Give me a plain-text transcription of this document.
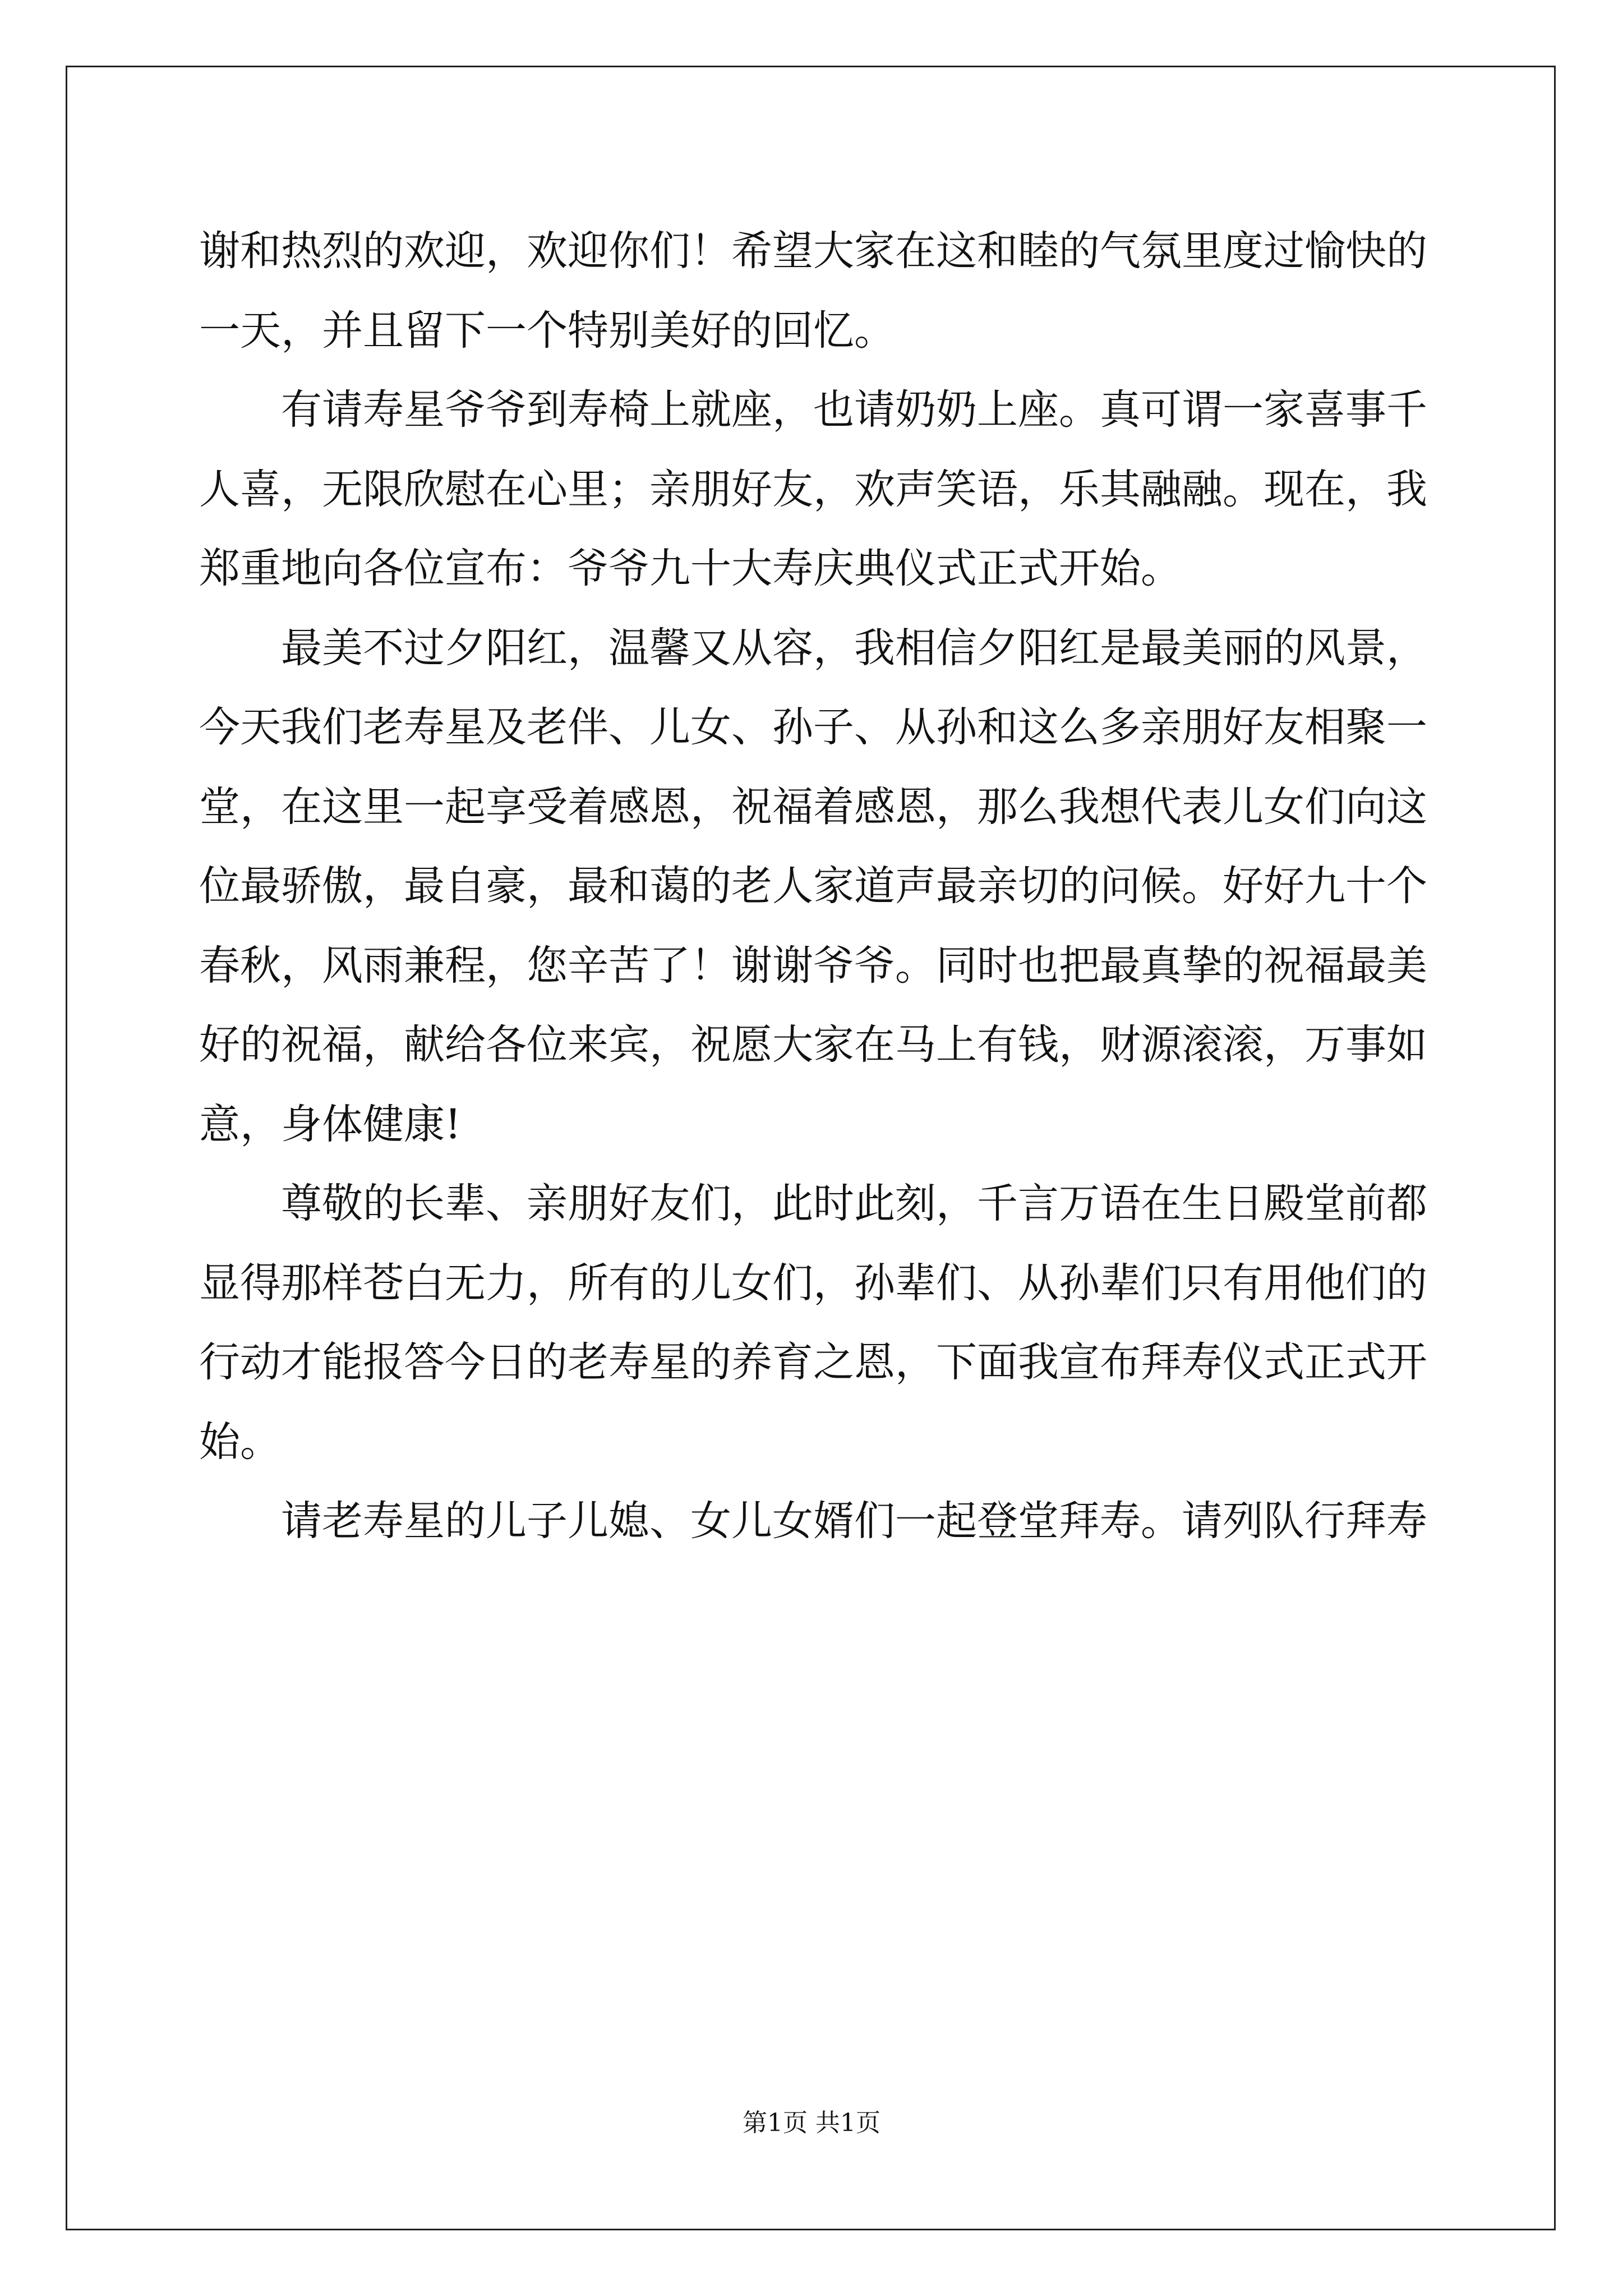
谢和热烈的欢迎，欢迎你们！希望大家在这和睦的气氛里度过愉快的一天，并且留下一个特别美好的回忆。

有请寿星爷爷到寿椅上就座，也请奶奶上座。真可谓一家喜事千人喜，无限欣慰在心里；亲朋好友，欢声笑语，乐其融融。现在，我郑重地向各位宣布：爷爷九十大寿庆典仪式正式开始。

最美不过夕阳红，温馨又从容，我相信夕阳红是最美丽的风景，今天我们老寿星及老伴、儿女、孙子、从孙和这么多亲朋好友相聚一堂，在这里一起享受着感恩，祝福着感恩，那么我想代表儿女们向这位最骄傲，最自豪，最和蔼的老人家道声最亲切的问候。好好九十个春秋，风雨兼程，您辛苦了！谢谢爷爷。同时也把最真挚的祝福最美好的祝福，献给各位来宾，祝愿大家在马上有钱，财源滚滚，万事如意，身体健康!

尊敬的长辈、亲朋好友们，此时此刻，千言万语在生日殿堂前都显得那样苍白无力，所有的儿女们，孙辈们、从孙辈们只有用他们的行动才能报答今日的老寿星的养育之恩，下面我宣布拜寿仪式正式开始。

请老寿星的儿子儿媳、女儿女婿们一起登堂拜寿。请列队行拜寿

第1页 共1页
